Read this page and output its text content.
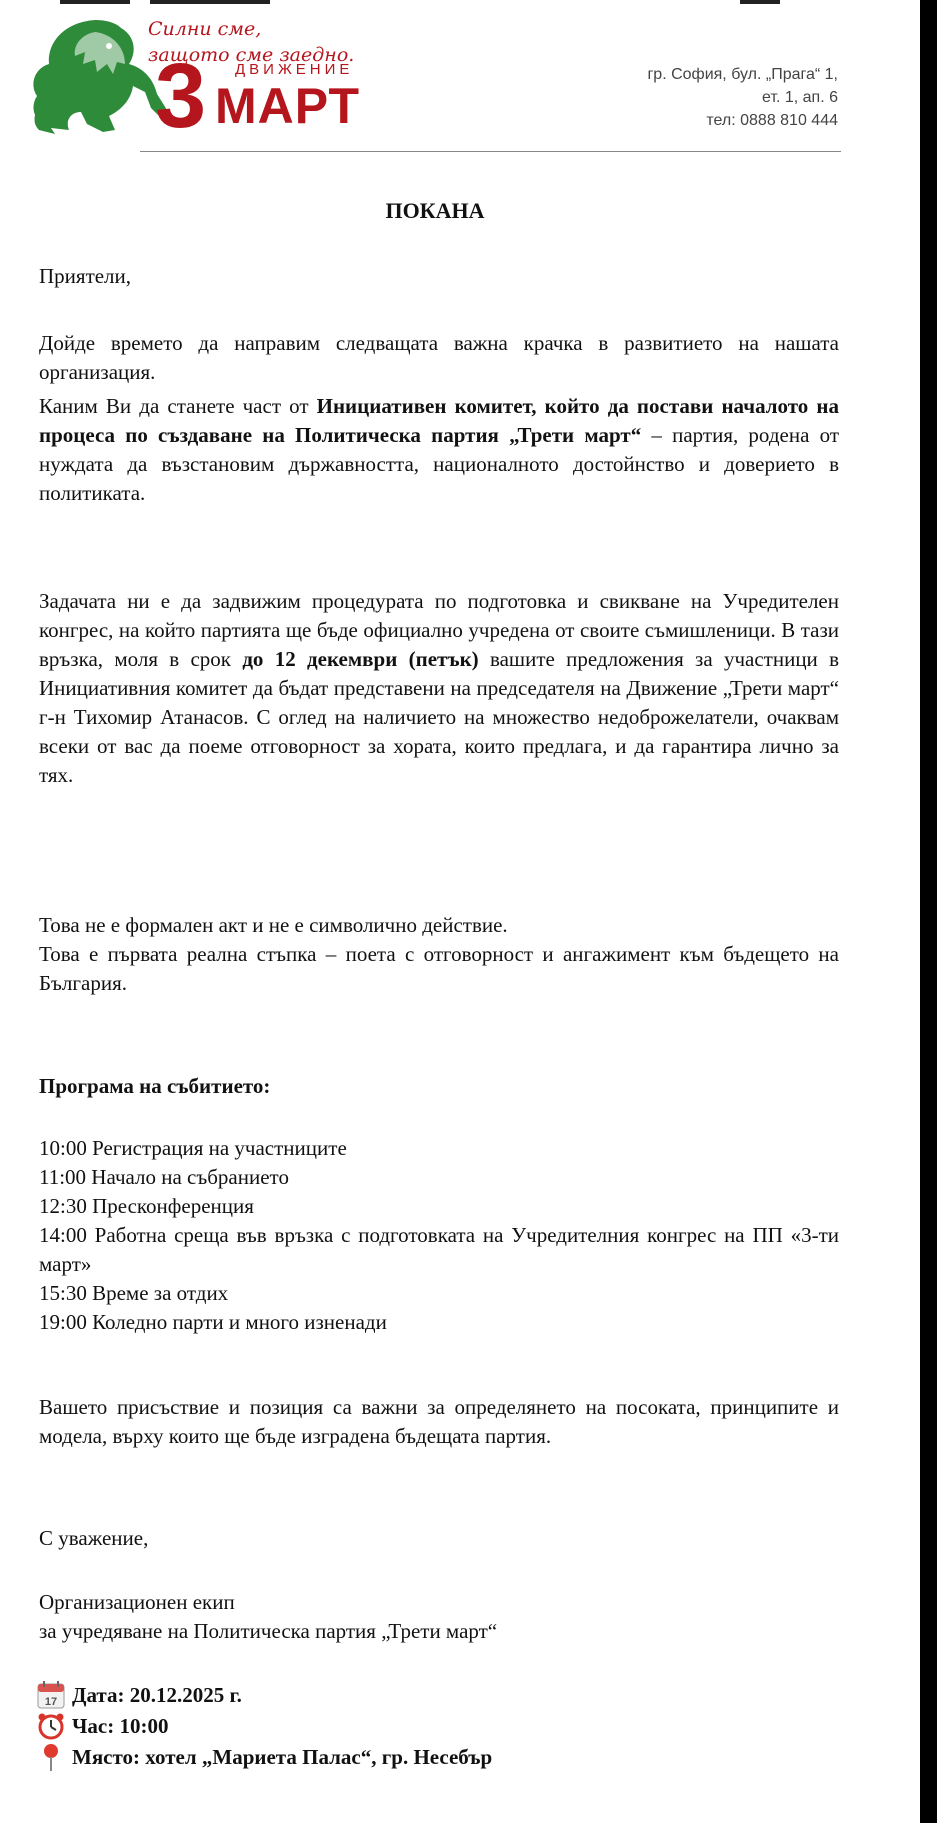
Силни сме,
защото сме заедно.
ДВИЖЕНИЕ
3 МАРТ
гр. София, бул. „Прага“ 1,
ет. 1, ап. 6
тел: 0888 810 444
ПОКАНА
Приятели,
Дойде времето да направим следващата важна крачка в развитието на нашата организация.
Каним Ви да станете част от Инициативен комитет, който да постави началото на процеса по създаване на Политическа партия „Трети март“ – партия, родена от нуждата да възстановим държавността, националното достойнство и доверието в политиката.
Задачата ни е да задвижим процедурата по подготовка и свикване на Учредителен конгрес, на който партията ще бъде официално учредена от своите съмишленици. В тази връзка, моля в срок до 12 декември (петък) вашите предложения за участници в Инициативния комитет да бъдат представени на председателя на Движение „Трети март“ г-н Тихомир Атанасов. С оглед на наличието на множество недоброжелатели, очаквам всеки от вас да поеме отговорност за хората, които предлага, и да гарантира лично за тях.

Това не е формален акт и не е символично действие.

Това е първата реална стъпка – поета с отговорност и ангажимент към бъдещето на България.

Програма на събитието:

10:00 Регистрация на участниците

11:00 Начало на събранието

12:30 Пресконференция

14:00 Работна среща във връзка с подготовката на Учредителния конгрес на ПП «3-ти март»

15:30 Време за отдих

19:00 Коледно парти и много изненади

Вашето присъствие и позиция са важни за определянето на посоката, принципите и модела, върху които ще бъде изградена бъдещата партия.
С уважение,

Организационен екип

за учредяване на Политическа партия „Трети март“

17 Дата: 20.12.2025 г.
Час: 10:00
Място: хотел „Мариета Палас“, гр. Несебър
